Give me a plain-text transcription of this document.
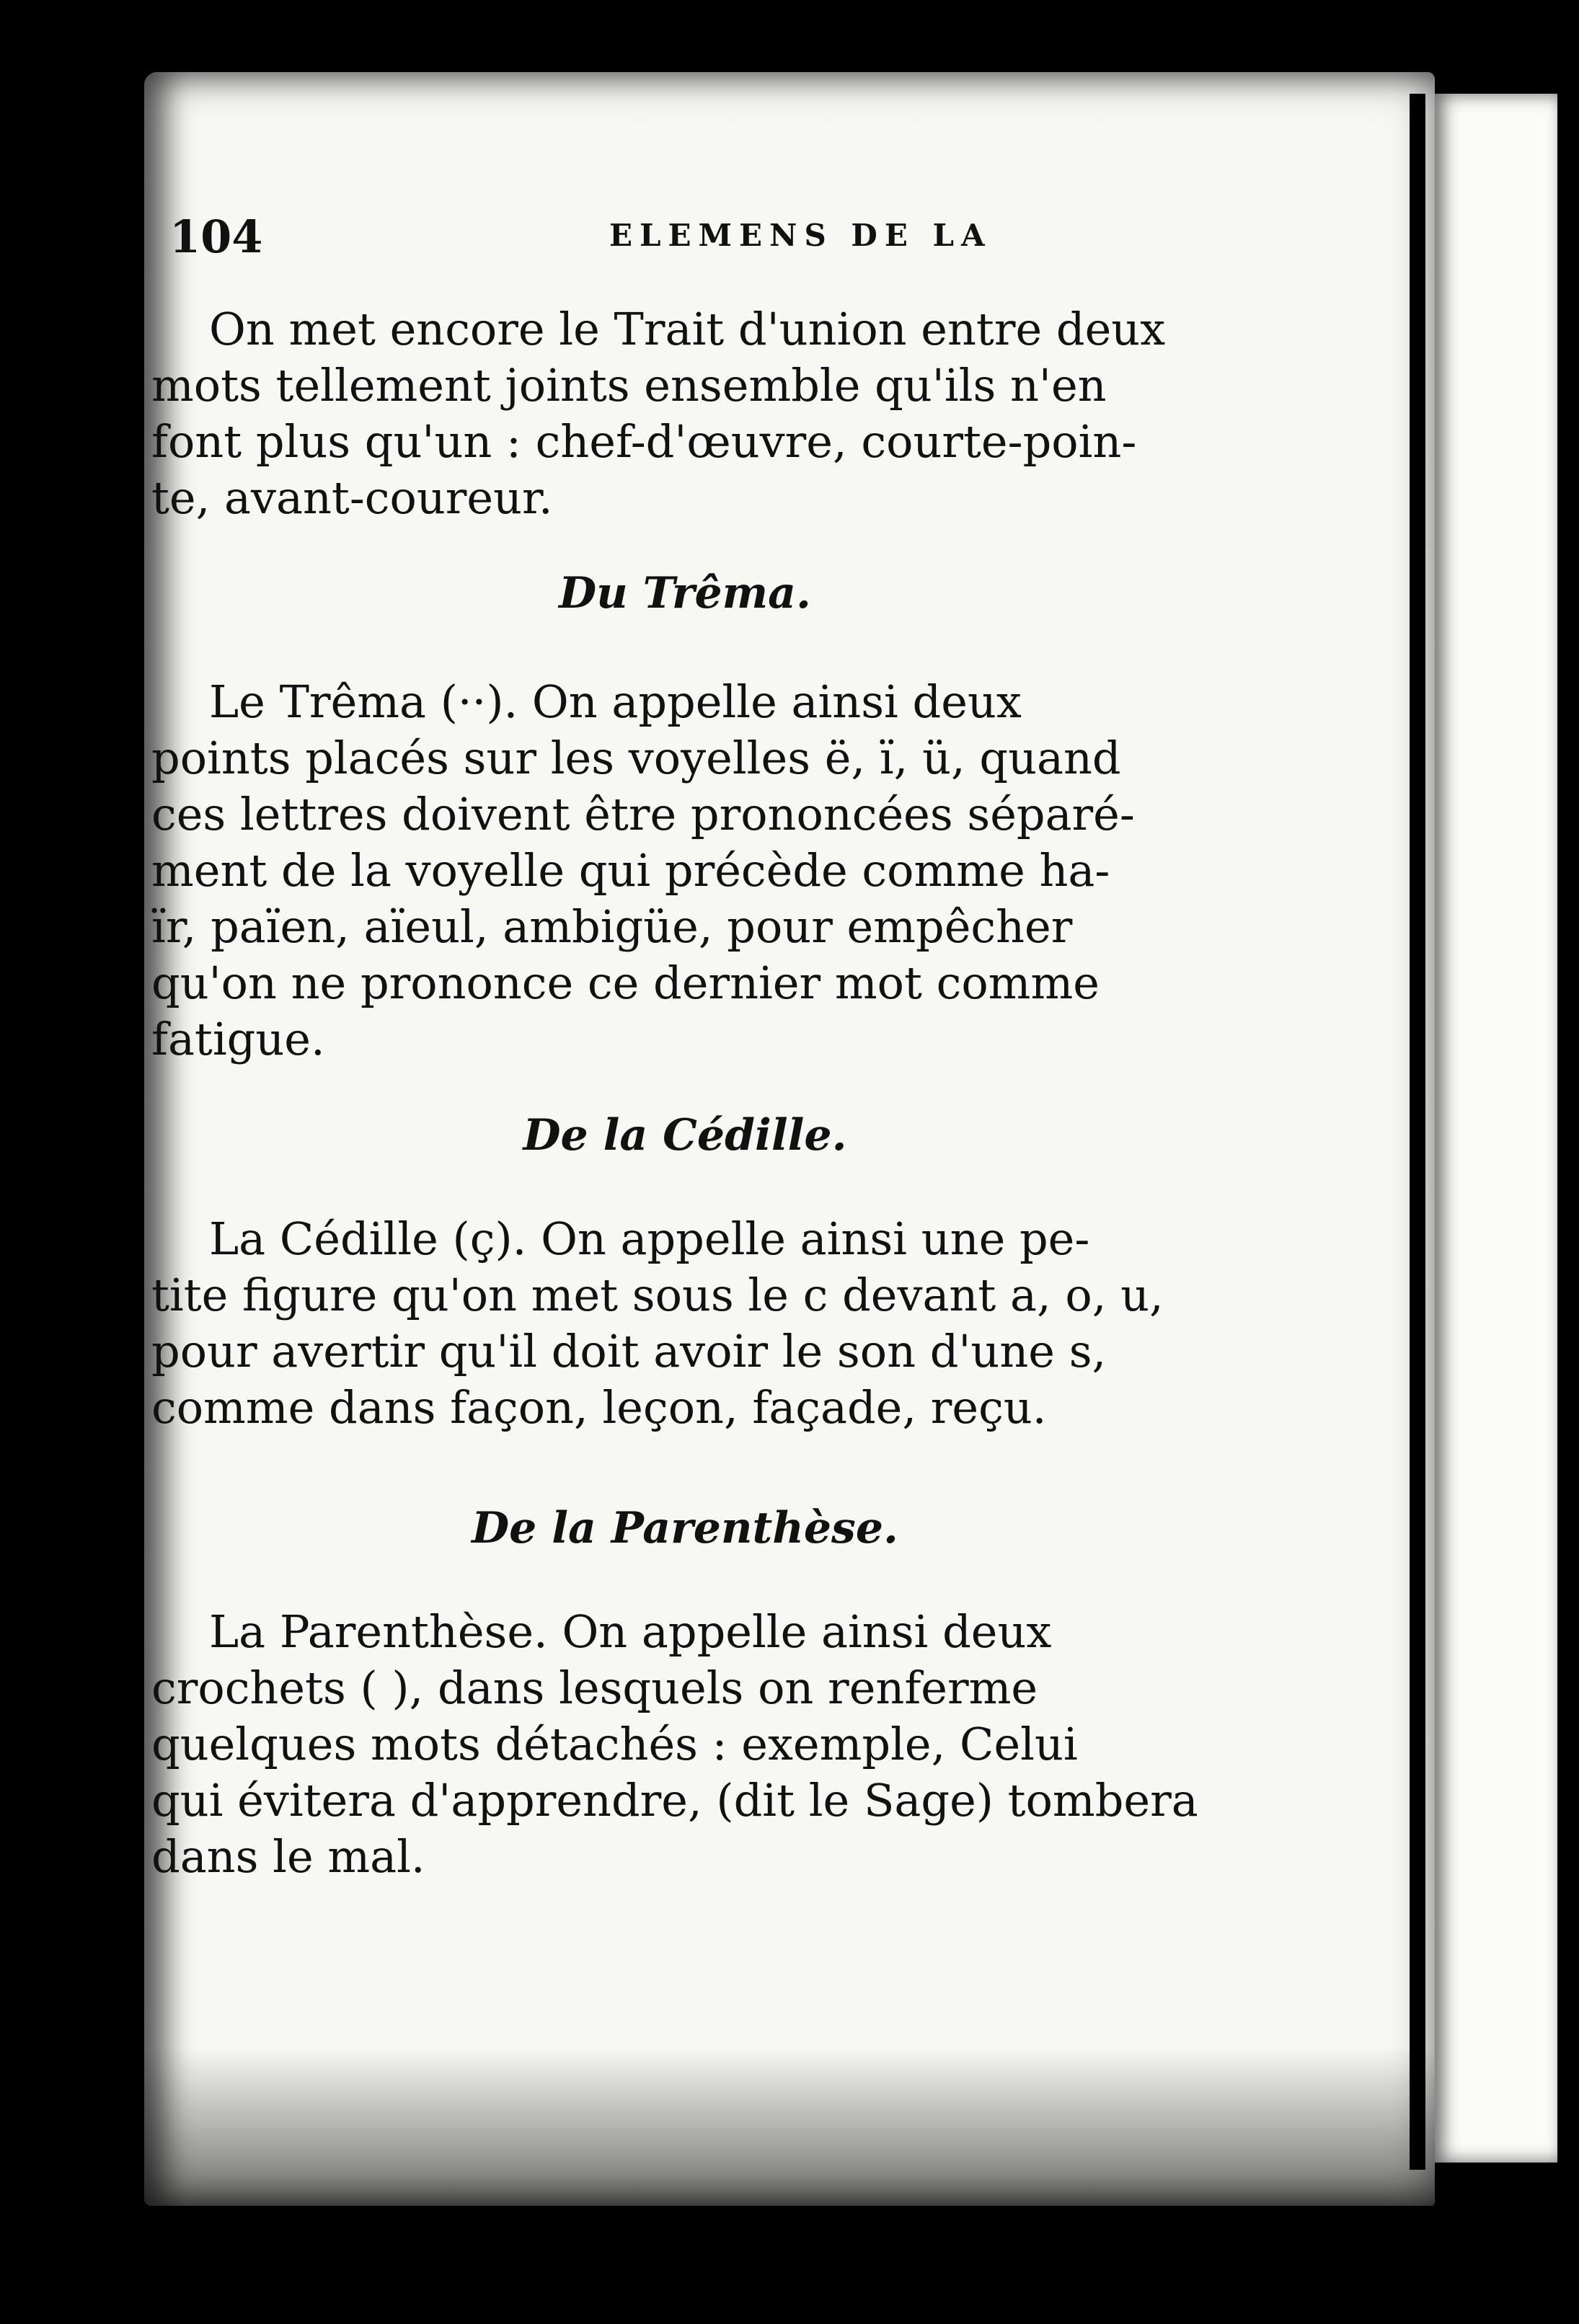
104	ELEMENS DE LA
On met encore le Trait d'union entre deux
mots tellement joints ensemble qu'ils n'en
font plus qu'un : chef-d'œuvre, courte-poin-
te, avant-coureur.
Du Trêma.
Le Trêma (··). On appelle ainsi deux
points placés sur les voyelles ë, ï, ü, quand
ces lettres doivent être prononcées séparé-
ment de la voyelle qui précède comme ha-
ïr, païen, aïeul, ambigüe, pour empêcher
qu'on ne prononce ce dernier mot comme
fatigue.
De la Cédille.
La Cédille (ç). On appelle ainsi une pe-
tite figure qu'on met sous le c devant a, o, u,
pour avertir qu'il doit avoir le son d'une s,
comme dans façon, leçon, façade, reçu.
De la Parenthèse.
La Parenthèse. On appelle ainsi deux
crochets ( ), dans lesquels on renferme
quelques mots détachés : exemple, Celui
qui évitera d'apprendre, (dit le Sage) tombera
dans le mal.
